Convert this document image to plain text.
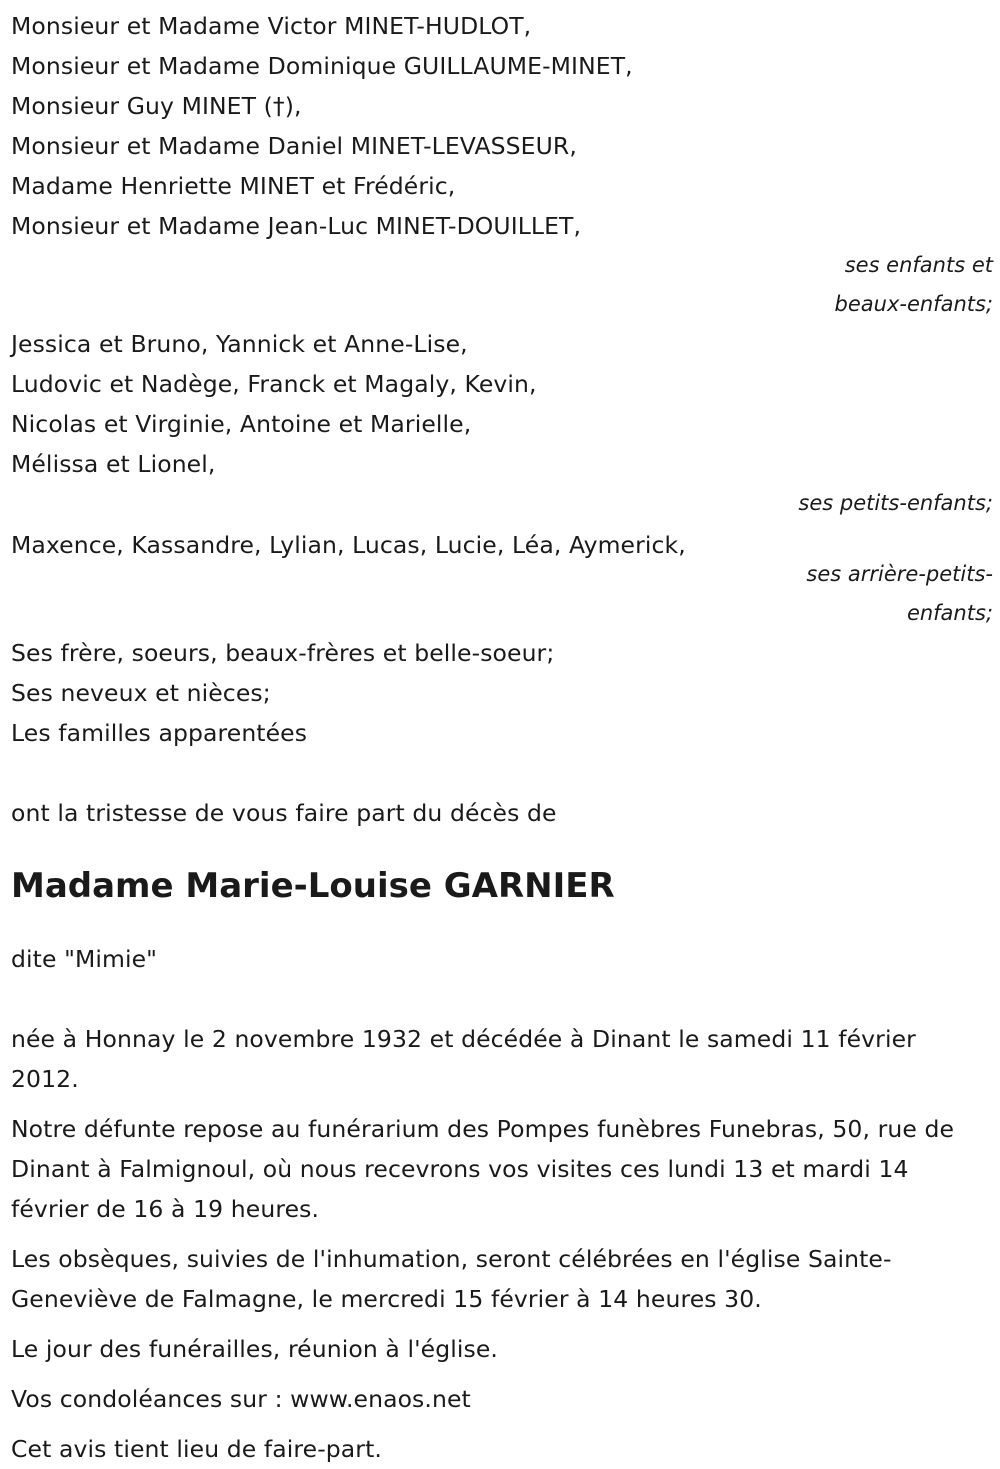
Monsieur et Madame Victor MINET-HUDLOT,
Monsieur et Madame Dominique GUILLAUME-MINET,
Monsieur Guy MINET (†),
Monsieur et Madame Daniel MINET-LEVASSEUR,
Madame Henriette MINET et Frédéric,
Monsieur et Madame Jean-Luc MINET-DOUILLET,
ses enfants et
beaux-enfants;
Jessica et Bruno, Yannick et Anne-Lise,
Ludovic et Nadège, Franck et Magaly, Kevin,
Nicolas et Virginie, Antoine et Marielle,
Mélissa et Lionel,
ses petits-enfants;
Maxence, Kassandre, Lylian, Lucas, Lucie, Léa, Aymerick,
ses arrière-petits-
enfants;
Ses frère, soeurs, beaux-frères et belle-soeur;
Ses neveux et nièces;
Les familles apparentées
ont la tristesse de vous faire part du décès de
Madame Marie-Louise GARNIER
dite "Mimie"
née à Honnay le 2 novembre 1932 et décédée à Dinant le samedi 11 février 2012.
Notre défunte repose au funérarium des Pompes funèbres Funebras, 50, rue de Dinant à Falmignoul, où nous recevrons vos visites ces lundi 13 et mardi 14 février de 16 à 19 heures.
Les obsèques, suivies de l'inhumation, seront célébrées en l'église Sainte-Geneviève de Falmagne, le mercredi 15 février à 14 heures 30.
Le jour des funérailles, réunion à l'église.
Vos condoléances sur : www.enaos.net
Cet avis tient lieu de faire-part.
